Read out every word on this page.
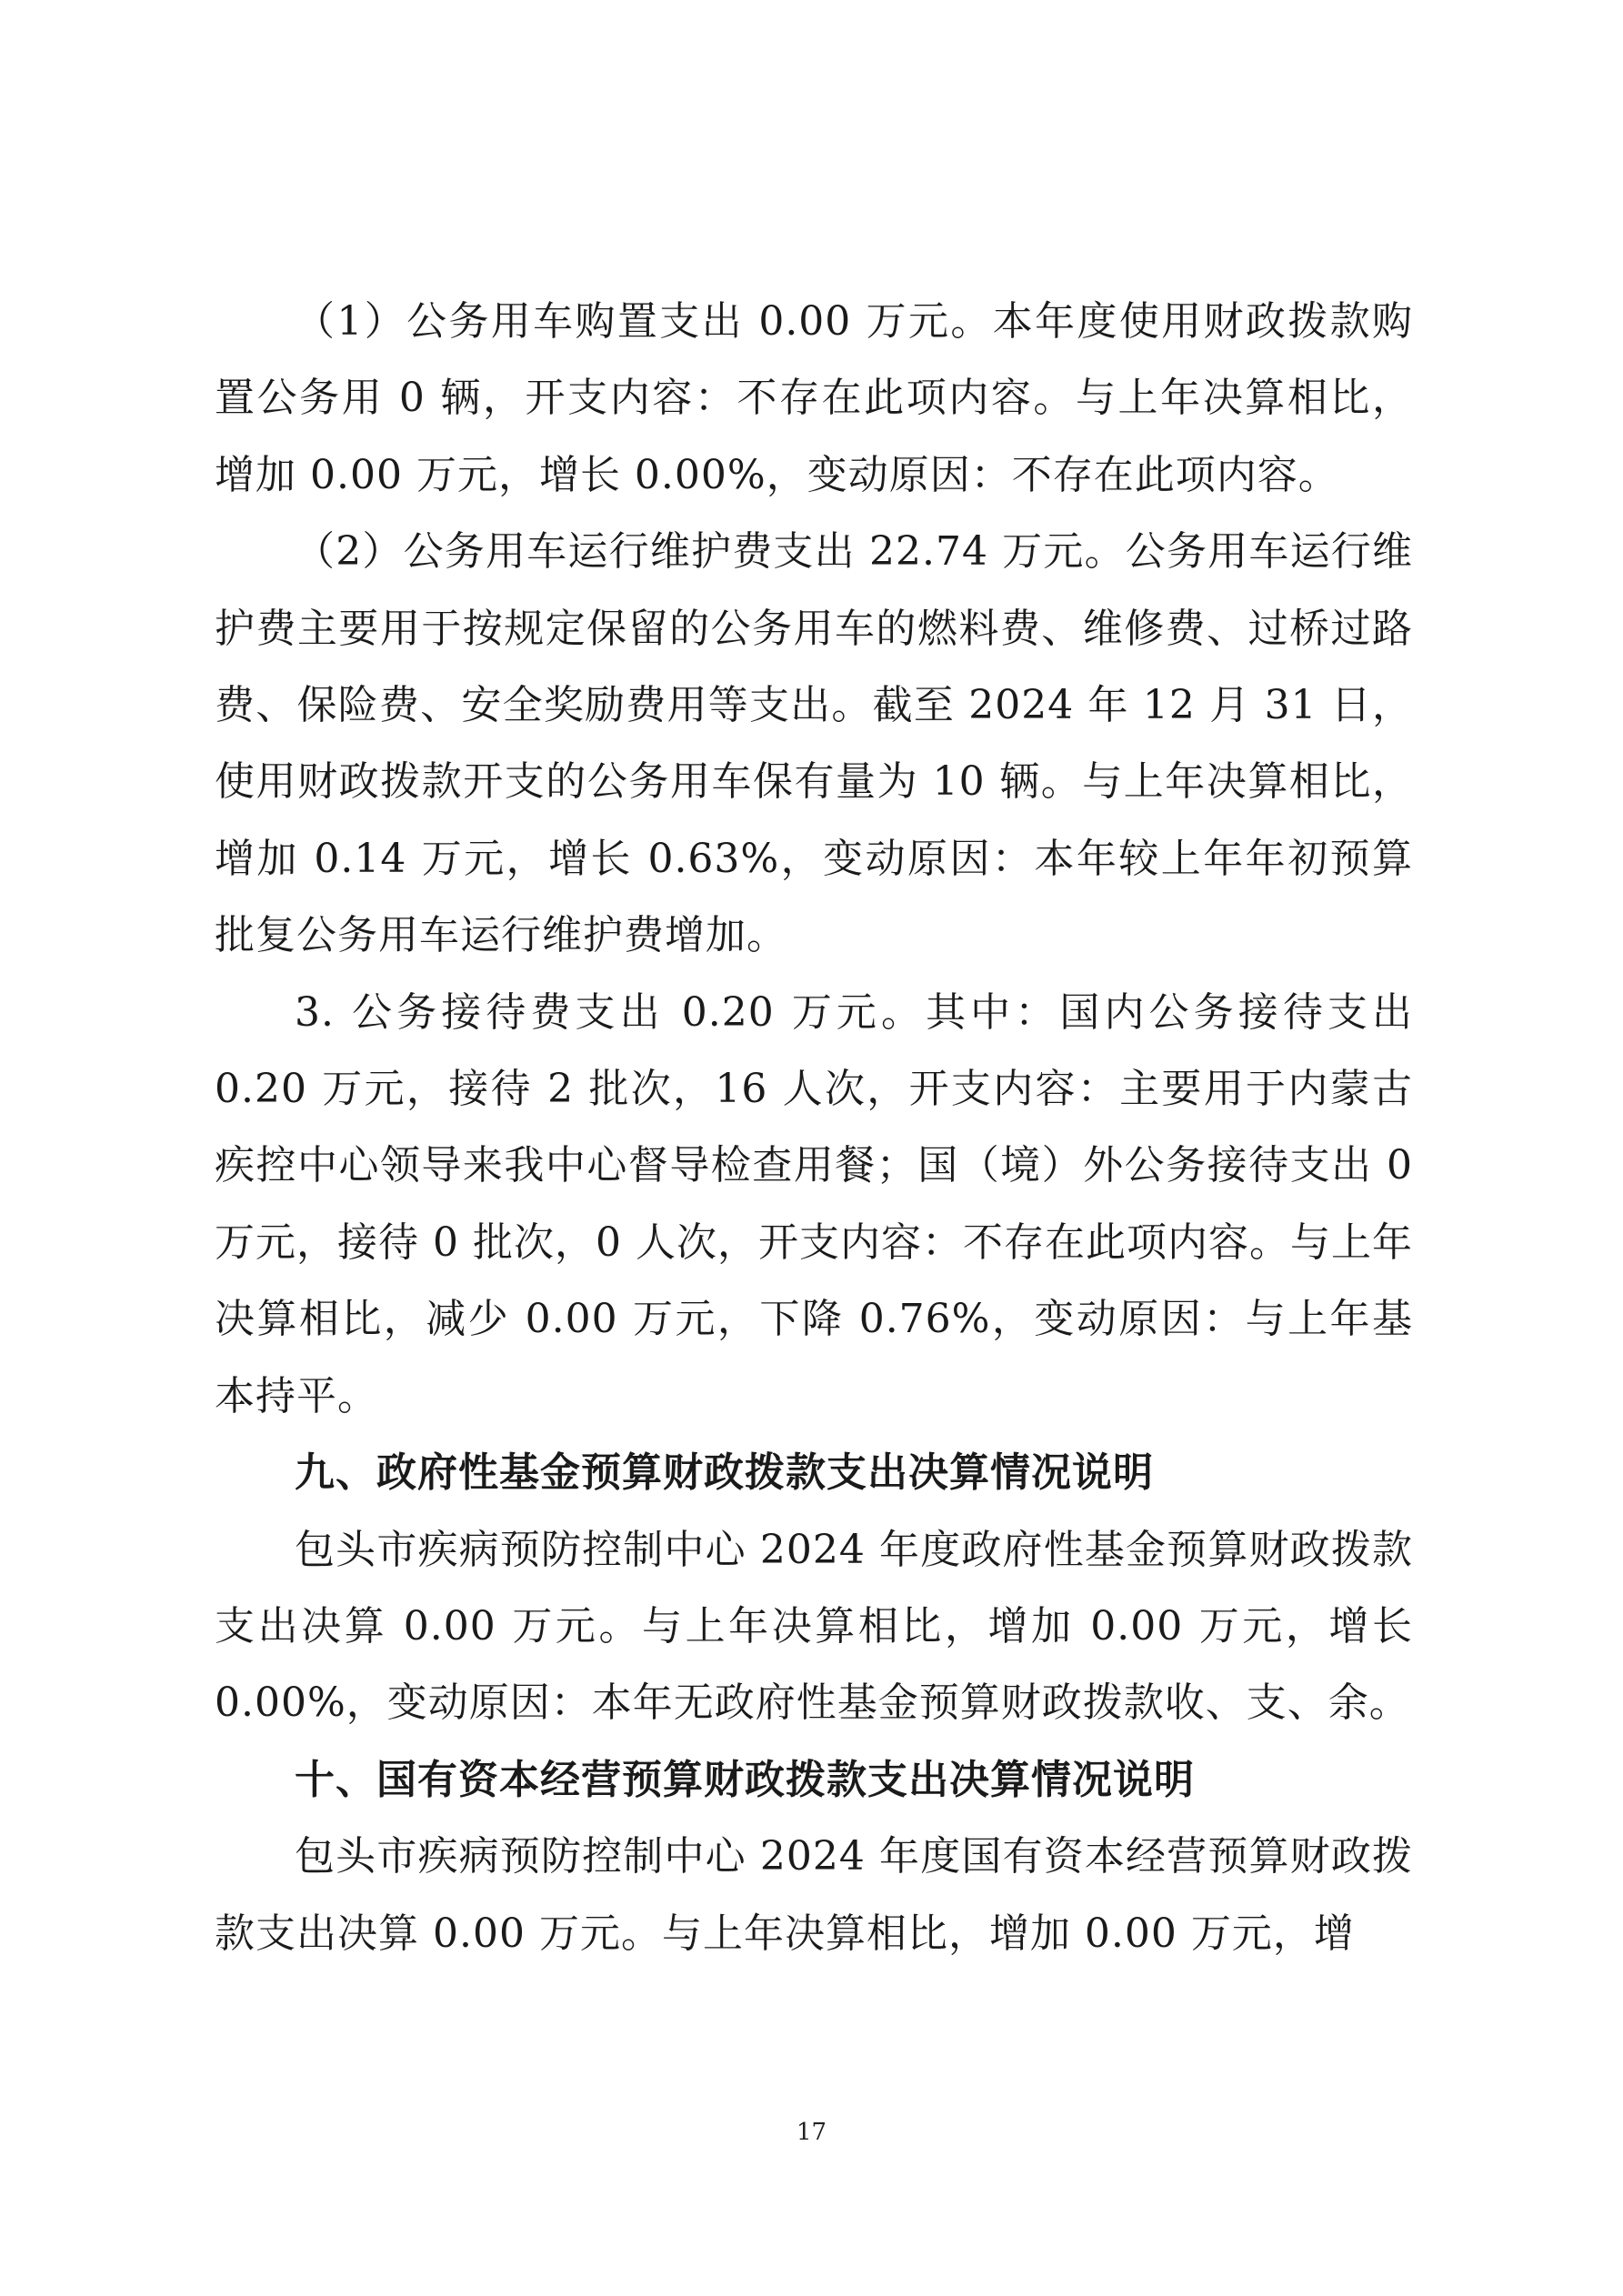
（1）公务用车购置支出 0.00 万元。本年度使用财政拨款购置公务用 0 辆，开支内容：不存在此项内容。与上年决算相比，增加 0.00 万元，增长 0.00%，变动原因：不存在此项内容。

（2）公务用车运行维护费支出 22.74 万元。公务用车运行维护费主要用于按规定保留的公务用车的燃料费、维修费、过桥过路费、保险费、安全奖励费用等支出。截至 2024 年 12 月 31 日，使用财政拨款开支的公务用车保有量为 10 辆。与上年决算相比，增加 0.14 万元，增长 0.63%，变动原因：本年较上年年初预算批复公务用车运行维护费增加。

3. 公务接待费支出 0.20 万元。其中：国内公务接待支出 0.20 万元，接待 2 批次，16 人次，开支内容：主要用于内蒙古疾控中心领导来我中心督导检查用餐；国（境）外公务接待支出 0 万元，接待 0 批次，0 人次，开支内容：不存在此项内容。与上年决算相比，减少 0.00 万元，下降 0.76%，变动原因：与上年基本持平。

九、政府性基金预算财政拨款支出决算情况说明

包头市疾病预防控制中心 2024 年度政府性基金预算财政拨款支出决算 0.00 万元。与上年决算相比，增加 0.00 万元，增长 0.00%，变动原因：本年无政府性基金预算财政拨款收、支、余。

十、国有资本经营预算财政拨款支出决算情况说明

包头市疾病预防控制中心 2024 年度国有资本经营预算财政拨款支出决算 0.00 万元。与上年决算相比，增加 0.00 万元，增

17
